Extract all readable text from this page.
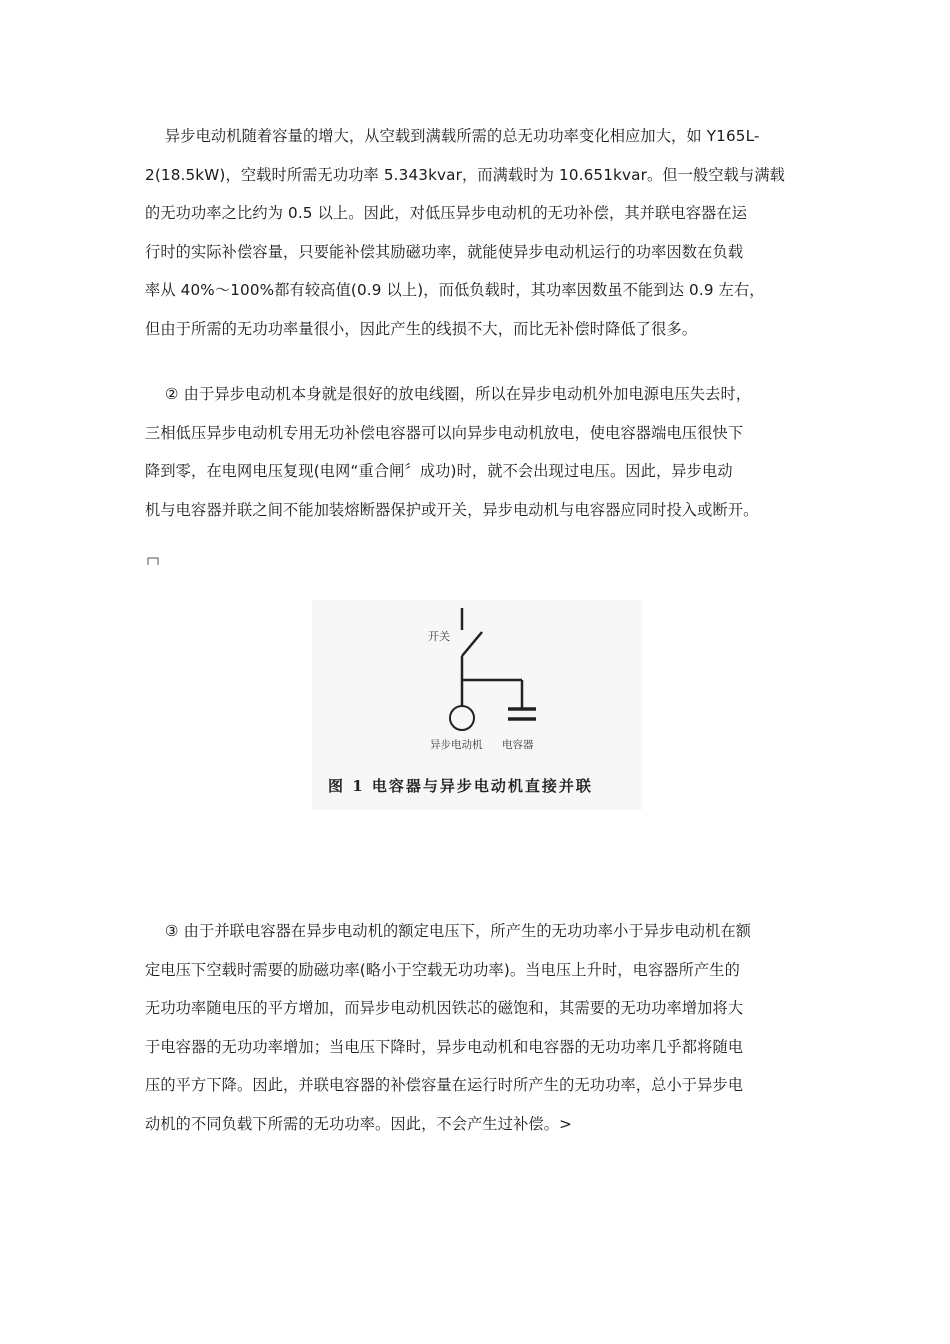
异步电动机随着容量的增大，从空载到满载所需的总无功功率变化相应加大，如 Y165L-
2(18.5kW)，空载时所需无功功率 5.343kvar，而满载时为 10.651kvar。但一般空载与满载
的无功功率之比约为 0.5 以上。因此，对低压异步电动机的无功补偿，其并联电容器在运
行时的实际补偿容量，只要能补偿其励磁功率，就能使异步电动机运行的功率因数在负载
率从 40%～100%都有较高值(0.9 以上)，而低负载时，其功率因数虽不能到达 0.9 左右，
但由于所需的无功功率量很小，因此产生的线损不大，而比无补偿时降低了很多。
② 由于异步电动机本身就是很好的放电线圈，所以在异步电动机外加电源电压失去时，
三相低压异步电动机专用无功补偿电容器可以向异步电动机放电，使电容器端电压很快下
降到零，在电网电压复现(电网“重合闸〞成功)时，就不会出现过电压。因此，异步电动
机与电容器并联之间不能加装熔断器保护或开关，异步电动机与电容器应同时投入或断开。
开关
异步电动机 电容器
图 1 电容器与异步电动机直接并联
③ 由于并联电容器在异步电动机的额定电压下，所产生的无功功率小于异步电动机在额
定电压下空载时需要的励磁功率(略小于空载无功功率)。当电压上升时，电容器所产生的
无功功率随电压的平方增加，而异步电动机因铁芯的磁饱和，其需要的无功功率增加将大
于电容器的无功功率增加；当电压下降时，异步电动机和电容器的无功功率几乎都将随电
压的平方下降。因此，并联电容器的补偿容量在运行时所产生的无功功率，总小于异步电
动机的不同负载下所需的无功功率。因此，不会产生过补偿。>
